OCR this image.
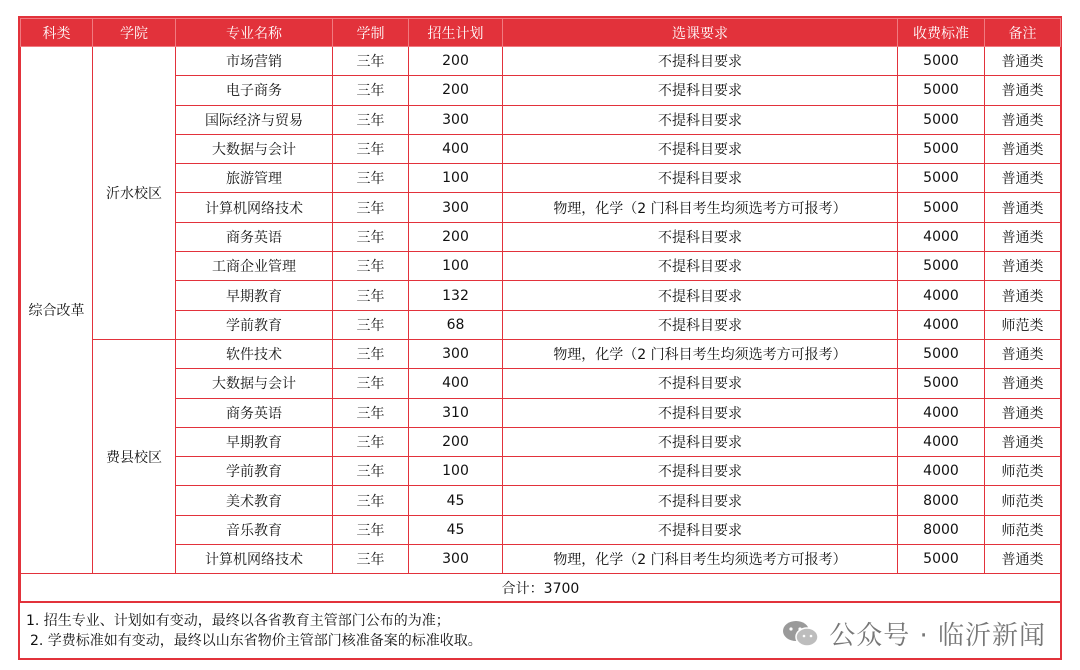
科类	学院	专业名称	学制	招生计划	选课要求	收费标准	备注
综合改革	沂水校区	市场营销	三年	200	不提科目要求	5000	普通类
		电子商务	三年	200	不提科目要求	5000	普通类
		国际经济与贸易	三年	300	不提科目要求	5000	普通类
		大数据与会计	三年	400	不提科目要求	5000	普通类
		旅游管理	三年	100	不提科目要求	5000	普通类
		计算机网络技术	三年	300	物理，化学（2 门科目考生均须选考方可报考）	5000	普通类
		商务英语	三年	200	不提科目要求	4000	普通类
		工商企业管理	三年	100	不提科目要求	5000	普通类
		早期教育	三年	132	不提科目要求	4000	普通类
		学前教育	三年	68	不提科目要求	4000	师范类
	费县校区	软件技术	三年	300	物理，化学（2 门科目考生均须选考方可报考）	5000	普通类
		大数据与会计	三年	400	不提科目要求	5000	普通类
		商务英语	三年	310	不提科目要求	4000	普通类
		早期教育	三年	200	不提科目要求	4000	普通类
		学前教育	三年	100	不提科目要求	4000	师范类
		美术教育	三年	45	不提科目要求	8000	师范类
		音乐教育	三年	45	不提科目要求	8000	师范类
		计算机网络技术	三年	300	物理，化学（2 门科目考生均须选考方可报考）	5000	普通类
合计：3700							
1. 招生专业、计划如有变动，最终以各省教育主管部门公布的为准；
2. 学费标准如有变动，最终以山东省物价主管部门核准备案的标准收取。	公众号 · 临沂新闻
